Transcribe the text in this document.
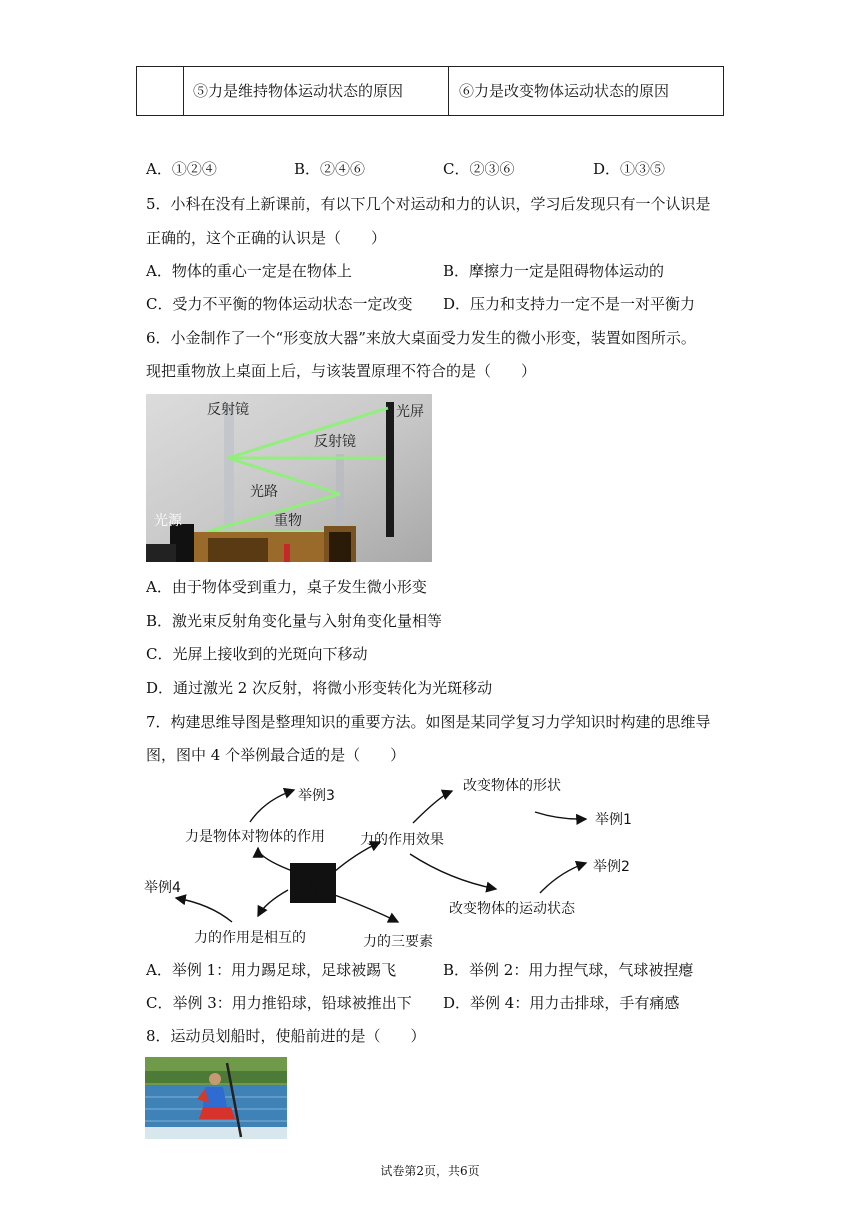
⑤力是维持物体运动状态的原因	⑥力是改变物体运动状态的原因
A．①②④	B．②④⑥	C．②③⑥	D．①③⑤
5．小科在没有上新课前，有以下几个对运动和力的认识，学习后发现只有一个认识是
正确的，这个正确的认识是（　　）
A．物体的重心一定是在物体上	B．摩擦力一定是阻碍物体运动的
C．受力不平衡的物体运动状态一定改变 D．压力和支持力一定不是一对平衡力
6．小金制作了一个“形变放大器”来放大桌面受力发生的微小形变，装置如图所示。
现把重物放上桌面上后，与该装置原理不符合的是（　　）
反射镜	光屏
反射镜
光路
光源	重物
A．由于物体受到重力，桌子发生微小形变
B．激光束反射角变化量与入射角变化量相等
C．光屏上接收到的光斑向下移动
D．通过激光 2 次反射，将微小形变转化为光斑移动
7．构建思维导图是整理知识的重要方法。如图是某同学复习力学知识时构建的思维导
图，图中 4 个举例最合适的是（　　）
力
改变物体的形状
举例1
力的作用效果
举例3
力是物体对物体的作用
举例2
举例4
改变物体的运动状态
力的作用是相互的	力的三要素
A．举例 1：用力踢足球，足球被踢飞	B．举例 2：用力捏气球，气球被捏瘪
C．举例 3：用力推铅球，铅球被推出下 D．举例 4：用力击排球，手有痛感
8．运动员划船时，使船前进的是（　　）
试卷第2页，共6页
